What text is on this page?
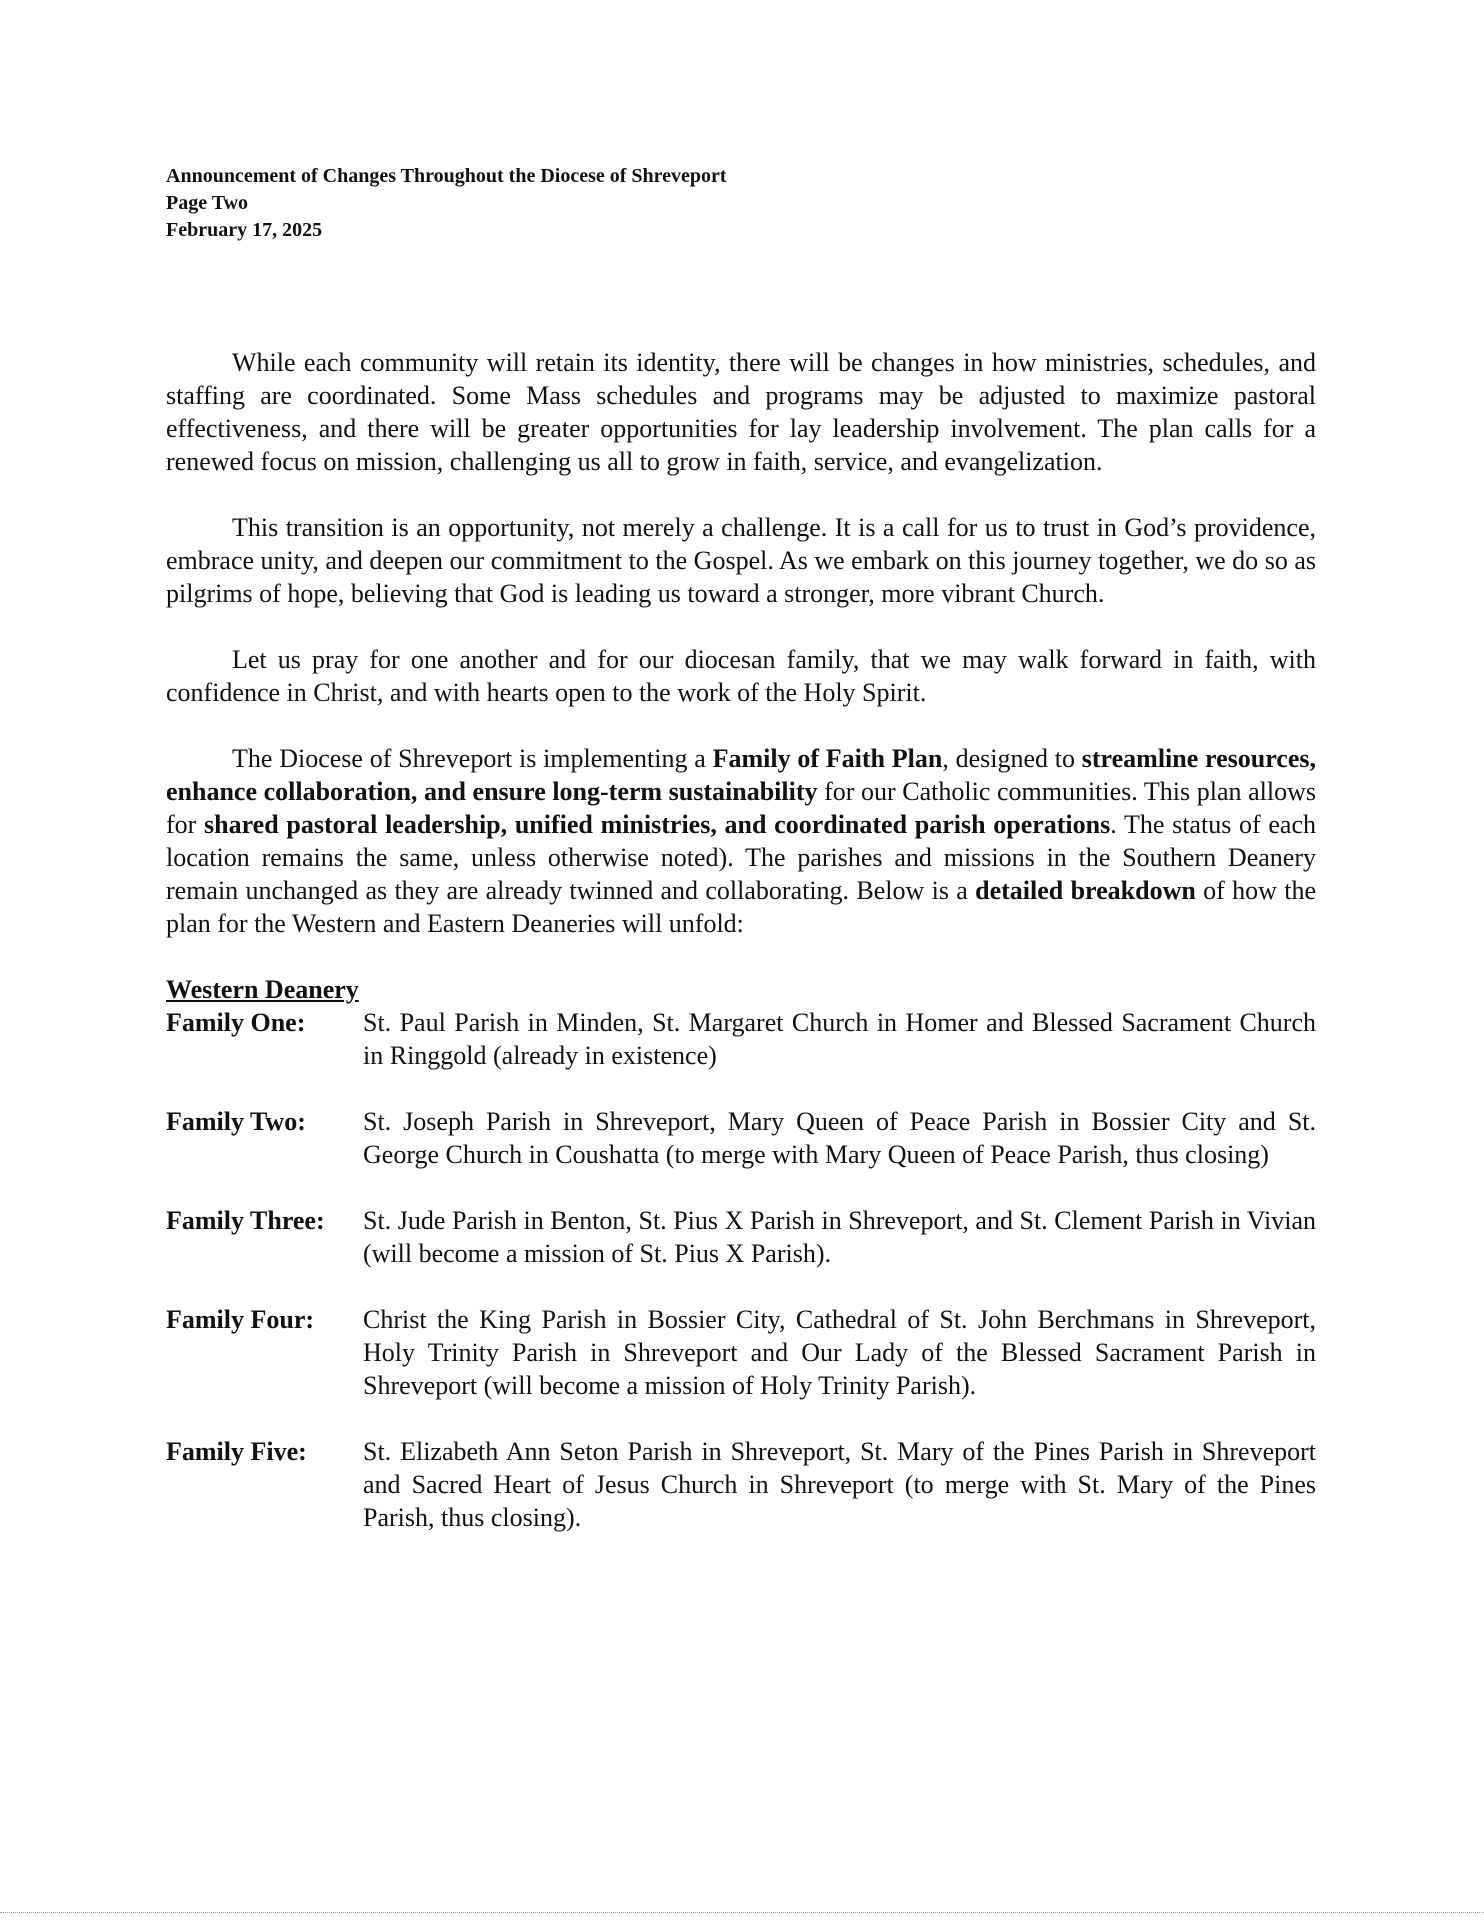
Announcement of Changes Throughout the Diocese of Shreveport
Page Two
February 17, 2025

While each community will retain its identity, there will be changes in how ministries, schedules, and staffing are coordinated. Some Mass schedules and programs may be adjusted to maximize pastoral effectiveness, and there will be greater opportunities for lay leadership involvement. The plan calls for a renewed focus on mission, challenging us all to grow in faith, service, and evangelization.

This transition is an opportunity, not merely a challenge. It is a call for us to trust in God’s providence, embrace unity, and deepen our commitment to the Gospel. As we embark on this journey together, we do so as pilgrims of hope, believing that God is leading us toward a stronger, more vibrant Church.

Let us pray for one another and for our diocesan family, that we may walk forward in faith, with confidence in Christ, and with hearts open to the work of the Holy Spirit.

The Diocese of Shreveport is implementing a Family of Faith Plan, designed to streamline resources, enhance collaboration, and ensure long-term sustainability for our Catholic communities. This plan allows for shared pastoral leadership, unified ministries, and coordinated parish operations. The status of each location remains the same, unless otherwise noted). The parishes and missions in the Southern Deanery remain unchanged as they are already twinned and collaborating. Below is a detailed breakdown of how the plan for the Western and Eastern Deaneries will unfold:

Western Deanery
Family One:	St. Paul Parish in Minden, St. Margaret Church in Homer and Blessed Sacrament Church in Ringgold (already in existence)
Family Two:	St. Joseph Parish in Shreveport, Mary Queen of Peace Parish in Bossier City and St. George Church in Coushatta (to merge with Mary Queen of Peace Parish, thus closing)
Family Three:	St. Jude Parish in Benton, St. Pius X Parish in Shreveport, and St. Clement Parish in Vivian (will become a mission of St. Pius X Parish).
Family Four:	Christ the King Parish in Bossier City, Cathedral of St. John Berchmans in Shreveport, Holy Trinity Parish in Shreveport and Our Lady of the Blessed Sacrament Parish in Shreveport (will become a mission of Holy Trinity Parish).
Family Five:	St. Elizabeth Ann Seton Parish in Shreveport, St. Mary of the Pines Parish in Shreveport and Sacred Heart of Jesus Church in Shreveport (to merge with St. Mary of the Pines Parish, thus closing).
